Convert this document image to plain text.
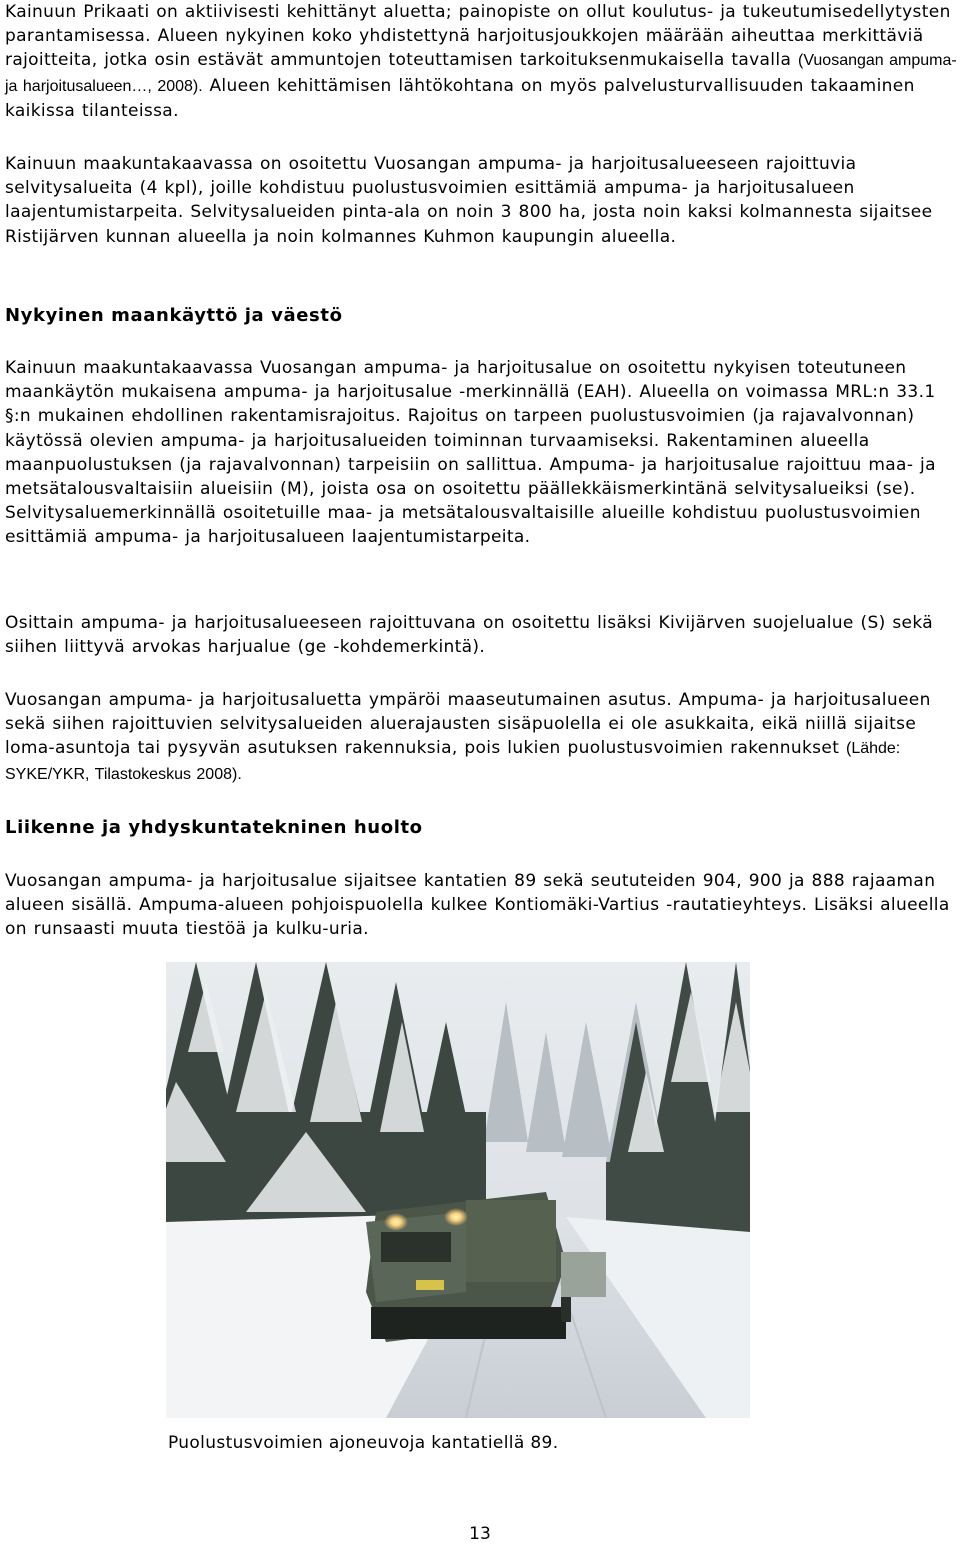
Kainuun Prikaati on aktiivisesti kehittänyt aluetta; painopiste on ollut koulutus- ja tukeutumisedellytysten parantamisessa. Alueen nykyinen koko yhdistettynä harjoitusjoukkojen määrään aiheuttaa merkittäviä rajoitteita, jotka osin estävät ammuntojen toteuttamisen tarkoituksenmukaisella tavalla (Vuosangan ampuma- ja harjoitusalueen…, 2008). Alueen kehittämisen lähtökohtana on myös palvelusturvallisuuden takaaminen kaikissa tilanteissa.

Kainuun maakuntakaavassa on osoitettu Vuosangan ampuma- ja harjoitusalueeseen rajoittuvia selvitysalueita (4 kpl), joille kohdistuu puolustusvoimien esittämiä ampuma- ja harjoitusalueen laajentumistarpeita. Selvitysalueiden pinta-ala on noin 3 800 ha, josta noin kaksi kolmannesta sijaitsee Ristijärven kunnan alueella ja noin kolmannes Kuhmon kaupungin alueella.

Nykyinen maankäyttö ja väestö

Kainuun maakuntakaavassa Vuosangan ampuma- ja harjoitusalue on osoitettu nykyisen toteutuneen maankäytön mukaisena ampuma- ja harjoitusalue -merkinnällä (EAH). Alueella on voimassa MRL:n 33.1 §:n mukainen ehdollinen rakentamisrajoitus. Rajoitus on tarpeen puolustusvoimien (ja rajavalvonnan) käytössä olevien ampuma- ja harjoitusalueiden toiminnan turvaamiseksi. Rakentaminen alueella maanpuolustuksen (ja rajavalvonnan) tarpeisiin on sallittua. Ampuma- ja harjoitusalue rajoittuu maa- ja metsätalousvaltaisiin alueisiin (M), joista osa on osoitettu päällekkäismerkintänä selvitysalueiksi (se). Selvitysaluemerkinnällä osoitetuille maa- ja metsätalousvaltaisille alueille kohdistuu puolustusvoimien esittämiä ampuma- ja harjoitusalueen laajentumistarpeita.

Osittain ampuma- ja harjoitusalueeseen rajoittuvana on osoitettu lisäksi Kivijärven suojelualue (S) sekä siihen liittyvä arvokas harjualue (ge -kohdemerkintä).

Vuosangan ampuma- ja harjoitusaluetta ympäröi maaseutumainen asutus. Ampuma- ja harjoitusalueen sekä siihen rajoittuvien selvitysalueiden aluerajausten sisäpuolella ei ole asukkaita, eikä niillä sijaitse loma-asuntoja tai pysyvän asutuksen rakennuksia, pois lukien puolustusvoimien rakennukset (Lähde: SYKE/YKR, Tilastokeskus 2008).

Liikenne ja yhdyskuntatekninen huolto

Vuosangan ampuma- ja harjoitusalue sijaitsee kantatien 89 sekä seututeiden 904, 900 ja 888 rajaaman alueen sisällä. Ampuma-alueen pohjoispuolella kulkee Kontiomäki-Vartius -rautatieyhteys. Lisäksi alueella on runsaasti muuta tiestöä ja kulku-uria.

Puolustusvoimien ajoneuvoja kantatiellä 89.
13
